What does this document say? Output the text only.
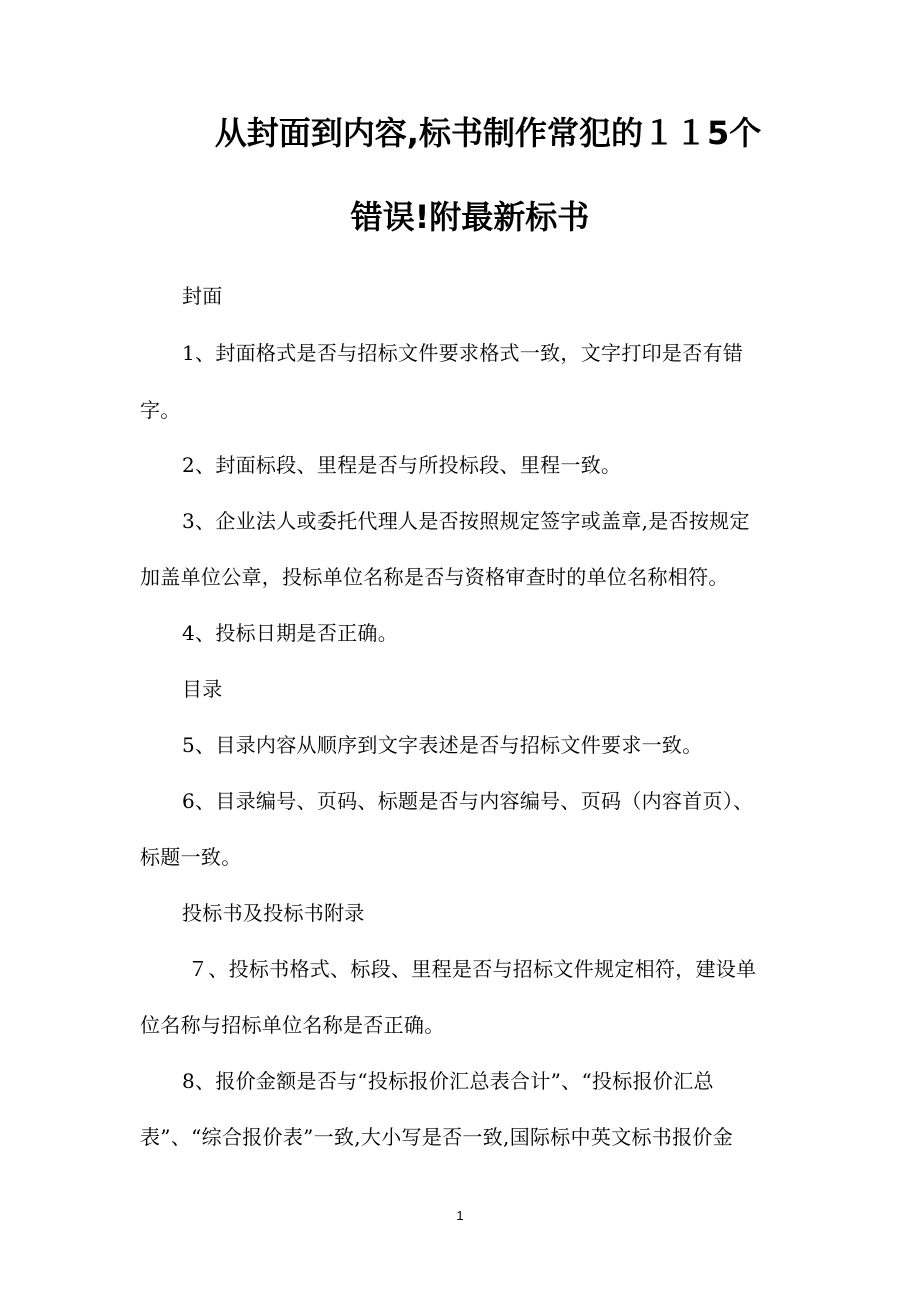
从封面到内容,标书制作常犯的１１5个
错误!附最新标书
封面
1、封面格式是否与招标文件要求格式一致，文字打印是否有错
字。
2、封面标段、里程是否与所投标段、里程一致。
3、企业法人或委托代理人是否按照规定签字或盖章,是否按规定
加盖单位公章，投标单位名称是否与资格审查时的单位名称相符。
4、投标日期是否正确。
目录
5、目录内容从顺序到文字表述是否与招标文件要求一致。
6、目录编号、页码、标题是否与内容编号、页码（内容首页）、
标题一致。
投标书及投标书附录
７、投标书格式、标段、里程是否与招标文件规定相符，建设单
位名称与招标单位名称是否正确。
8、报价金额是否与“投标报价汇总表合计”、“投标报价汇总
表”、“综合报价表”一致,大小写是否一致,国际标中英文标书报价金
1
